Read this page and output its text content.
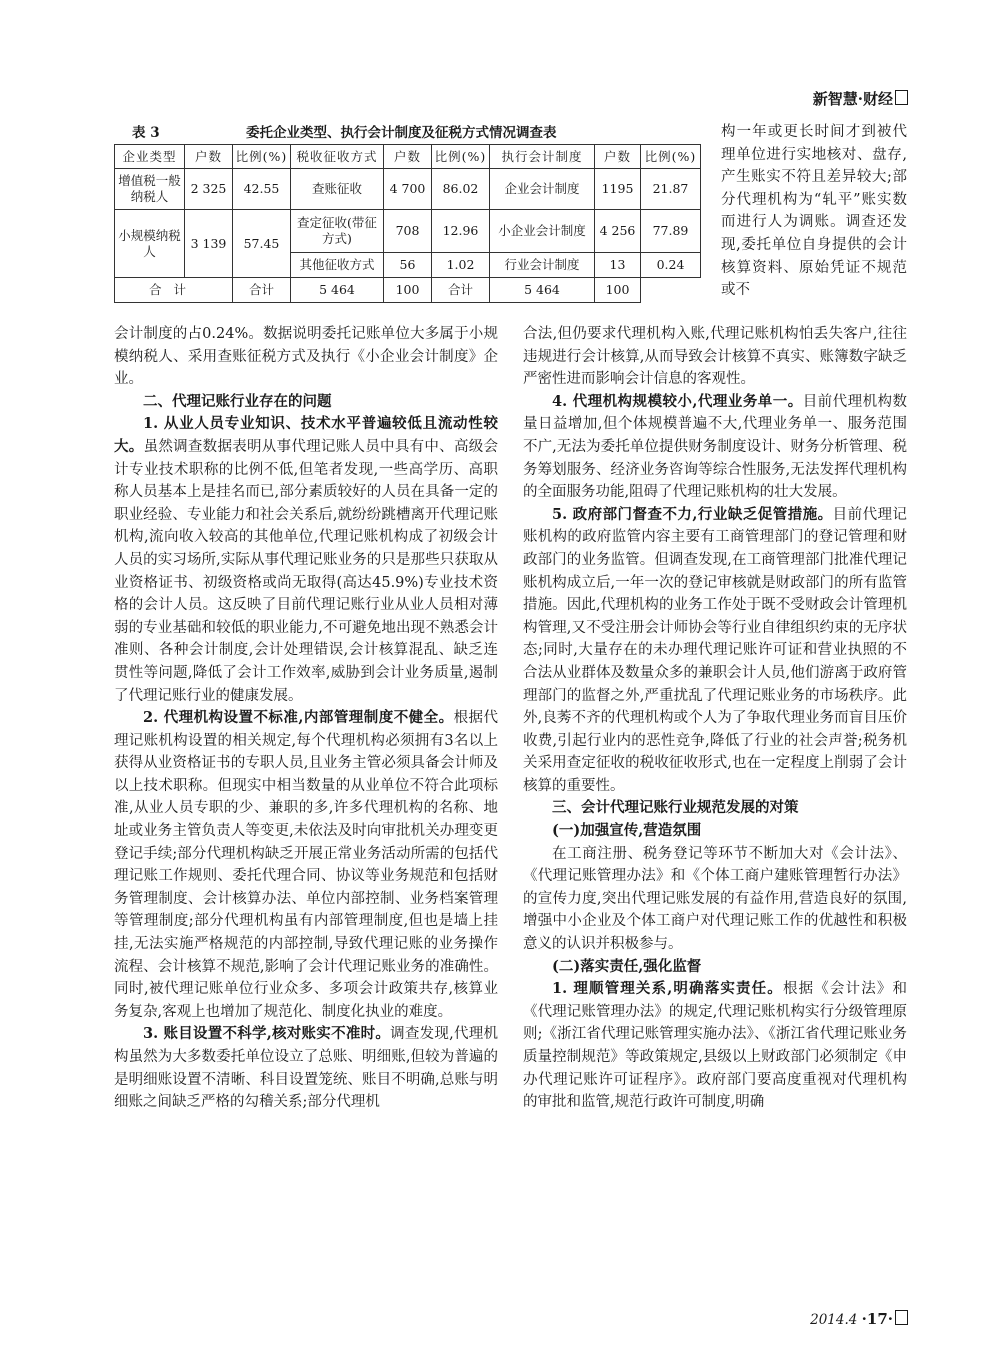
新智慧·财经
表 3	委托企业类型、执行会计制度及征税方式情况调查表
企业类型	户数	比例(%)	税收征收方式	户数	比例(%)	执行会计制度	户数	比例(%)
增值税一般纳税人	2 325	42.55	查账征收	4 700	86.02	企业会计制度	1195	21.87
小规模纳税人	3 139	57.45	查定征收(带征方式)	708	12.96	小企业会计制度	4 256	77.89
			其他征收方式	56	1.02	行业会计制度	13	0.24
合计		合计	5 464	100	合计	5 464	100	

构一年或更长时间才到被代理单位进行实地核对、盘存,产生账实不符且差异较大;部分代理机构为“轧平”账实数而进行人为调账。调查还发现,委托单位自身提供的会计核算资料、原始凭证不规范或不

会计制度的占0.24%。数据说明委托记账单位大多属于小规模纳税人、采用查账征税方式及执行《小企业会计制度》企业。

二、代理记账行业存在的问题

1. 从业人员专业知识、技术水平普遍较低且流动性较大。虽然调查数据表明从事代理记账人员中具有中、高级会计专业技术职称的比例不低,但笔者发现,一些高学历、高职称人员基本上是挂名而已,部分素质较好的人员在具备一定的职业经验、专业能力和社会关系后,就纷纷跳槽离开代理记账机构,流向收入较高的其他单位,代理记账机构成了初级会计人员的实习场所,实际从事代理记账业务的只是那些只获取从业资格证书、初级资格或尚无取得(高达45.9%)专业技术资格的会计人员。这反映了目前代理记账行业从业人员相对薄弱的专业基础和较低的职业能力,不可避免地出现不熟悉会计准则、各种会计制度,会计处理错误,会计核算混乱、缺乏连贯性等问题,降低了会计工作效率,威胁到会计业务质量,遏制了代理记账行业的健康发展。

2. 代理机构设置不标准,内部管理制度不健全。根据代理记账机构设置的相关规定,每个代理机构必须拥有3名以上获得从业资格证书的专职人员,且业务主管必须具备会计师及以上技术职称。但现实中相当数量的从业单位不符合此项标准,从业人员专职的少、兼职的多,许多代理机构的名称、地址或业务主管负责人等变更,未依法及时向审批机关办理变更登记手续;部分代理机构缺乏开展正常业务活动所需的包括代理记账工作规则、委托代理合同、协议等业务规范和包括财务管理制度、会计核算办法、单位内部控制、业务档案管理等管理制度;部分代理机构虽有内部管理制度,但也是墙上挂挂,无法实施严格规范的内部控制,导致代理记账的业务操作流程、会计核算不规范,影响了会计代理记账业务的准确性。同时,被代理记账单位行业众多、多项会计政策共存,核算业务复杂,客观上也增加了规范化、制度化执业的难度。

3. 账目设置不科学,核对账实不准时。调查发现,代理机构虽然为大多数委托单位设立了总账、明细账,但较为普遍的是明细账设置不清晰、科目设置笼统、账目不明确,总账与明细账之间缺乏严格的勾稽关系;部分代理机

合法,但仍要求代理机构入账,代理记账机构怕丢失客户,往往违规进行会计核算,从而导致会计核算不真实、账簿数字缺乏严密性进而影响会计信息的客观性。

4. 代理机构规模较小,代理业务单一。目前代理机构数量日益增加,但个体规模普遍不大,代理业务单一、服务范围不广,无法为委托单位提供财务制度设计、财务分析管理、税务筹划服务、经济业务咨询等综合性服务,无法发挥代理机构的全面服务功能,阻碍了代理记账机构的壮大发展。

5. 政府部门督查不力,行业缺乏促管措施。目前代理记账机构的政府监管内容主要有工商管理部门的登记管理和财政部门的业务监管。但调查发现,在工商管理部门批准代理记账机构成立后,一年一次的登记审核就是财政部门的所有监管措施。因此,代理机构的业务工作处于既不受财政会计管理机构管理,又不受注册会计师协会等行业自律组织约束的无序状态;同时,大量存在的未办理代理记账许可证和营业执照的不合法从业群体及数量众多的兼职会计人员,他们游离于政府管理部门的监督之外,严重扰乱了代理记账业务的市场秩序。此外,良莠不齐的代理机构或个人为了争取代理业务而盲目压价收费,引起行业内的恶性竞争,降低了行业的社会声誉;税务机关采用查定征收的税收征收形式,也在一定程度上削弱了会计核算的重要性。

三、会计代理记账行业规范发展的对策
(一)加强宣传,营造氛围

在工商注册、税务登记等环节不断加大对《会计法》、《代理记账管理办法》和《个体工商户建账管理暂行办法》的宣传力度,突出代理记账发展的有益作用,营造良好的氛围,增强中小企业及个体工商户对代理记账工作的优越性和积极意义的认识并积极参与。

(二)落实责任,强化监督

1. 理顺管理关系,明确落实责任。根据《会计法》和《代理记账管理办法》的规定,代理记账机构实行分级管理原则;《浙江省代理记账管理实施办法》、《浙江省代理记账业务质量控制规范》等政策规定,县级以上财政部门必须制定《申办代理记账许可证程序》。政府部门要高度重视对代理机构的审批和监管,规范行政许可制度,明确

2014.4 ·17·
